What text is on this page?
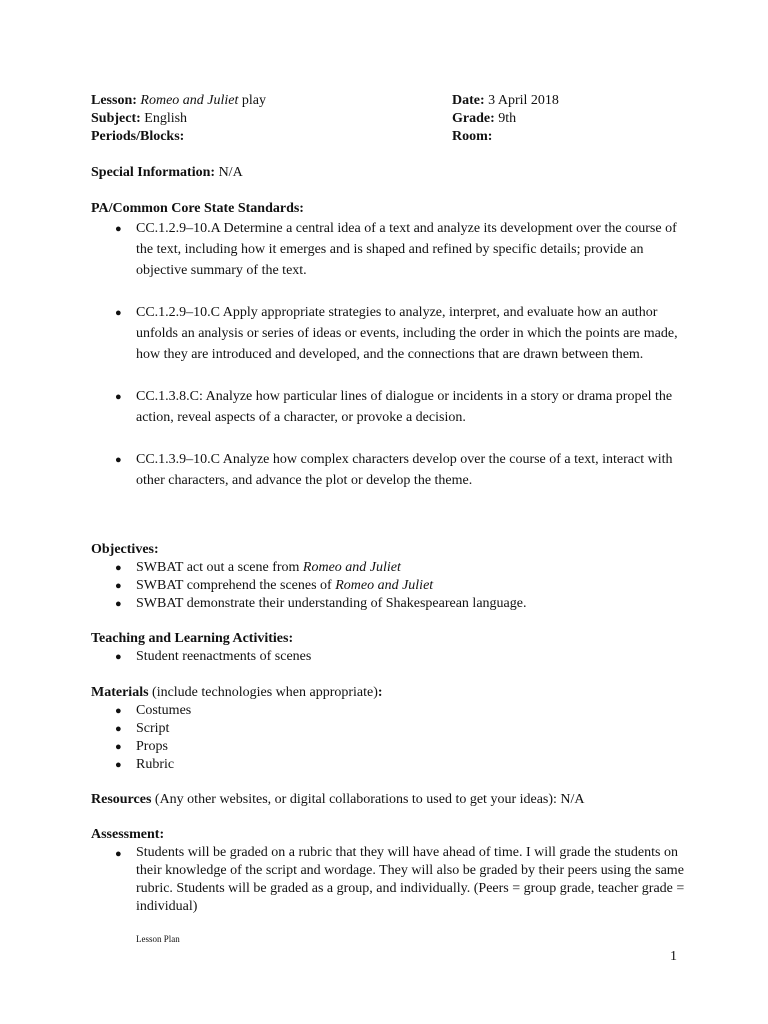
Lesson: Romeo and Juliet play
Subject: English
Periods/Blocks:
Date: 3 April 2018
Grade: 9th
Room:
Special Information: N/A
PA/Common Core State Standards:
● CC.1.2.9–10.A Determine a central idea of a text and analyze its development over the course of the text, including how it emerges and is shaped and refined by specific details; provide an objective summary of the text.
● CC.1.2.9–10.C Apply appropriate strategies to analyze, interpret, and evaluate how an author unfolds an analysis or series of ideas or events, including the order in which the points are made, how they are introduced and developed, and the connections that are drawn between them.
● CC.1.3.8.C: Analyze how particular lines of dialogue or incidents in a story or drama propel the action, reveal aspects of a character, or provoke a decision.
● CC.1.3.9–10.C Analyze how complex characters develop over the course of a text, interact with other characters, and advance the plot or develop the theme.
Objectives:
● SWBAT act out a scene from Romeo and Juliet
● SWBAT comprehend the scenes of Romeo and Juliet
● SWBAT demonstrate their understanding of Shakespearean language.
Teaching and Learning Activities:
● Student reenactments of scenes
Materials (include technologies when appropriate):
● Costumes
● Script
● Props
● Rubric
Resources (Any other websites, or digital collaborations to used to get your ideas): N/A
Assessment:
● Students will be graded on a rubric that they will have ahead of time. I will grade the students on their knowledge of the script and wordage. They will also be graded by their peers using the same rubric. Students will be graded as a group, and individually. (Peers = group grade, teacher grade = individual)
Lesson Plan
1
